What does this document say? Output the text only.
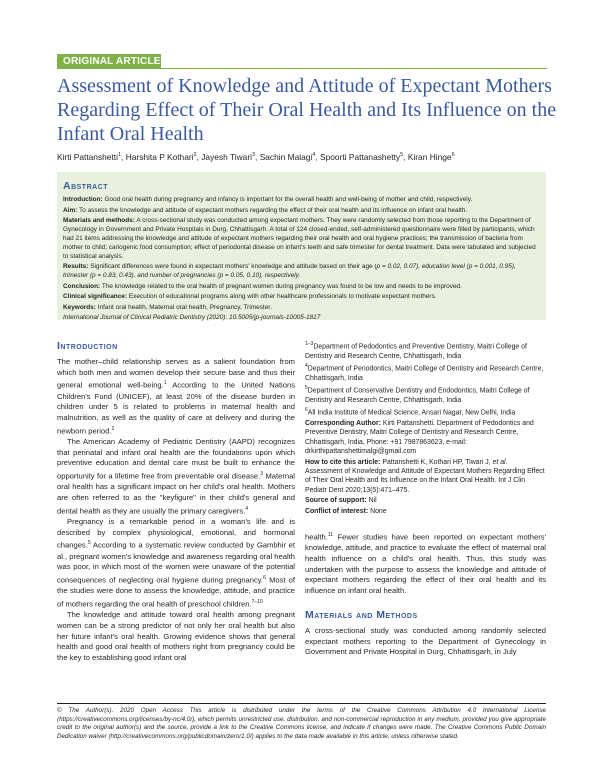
ORIGINAL ARTICLE
Assessment of Knowledge and Attitude of Expectant Mothers Regarding Effect of Their Oral Health and Its Influence on the Infant Oral Health
Kirti Pattanshetti$^1$, Harshita P Kothari$^2$, Jayesh Tiwari$^3$, Sachin Malagi$^4$, Spoorti Pattanashetty$^5$, Kiran Hinge$^6$
Abstract

Introduction: Good oral health during pregnancy and infancy is important for the overall health and well-being of mother and child, respectively.

Aim: To assess the knowledge and attitude of expectant mothers regarding the effect of their oral health and its influence on infant oral health.

Materials and methods: A cross-sectional study was conducted among expectant mothers. They were randomly selected from those reporting to the Department of Gynecology in Government and Private Hospitals in Durg, Chhattisgarh. A total of 124 closed-ended, self-administered questionnaire were filled by participants, which had 21 items addressing the knowledge and attitude of expectant mothers regarding their oral health and oral hygiene practices; the transmission of bacteria from mother to child; cariogenic food consumption; effect of periodontal disease on infant's teeth and safe trimester for dental treatment. Data were tabulated and subjected to statistical analysis.

Results: Significant differences were found in expectant mothers' knowledge and attitude based on their age (p = 0.02, 0.07), education level (p = 0.001, 0.95), trimester (p = 0.83, 0.43), and number of pregnancies (p = 0.05, 0.10), respectively.

Conclusion: The knowledge related to the oral health of pregnant women during pregnancy was found to be low and needs to be improved.

Clinical significance: Execution of educational programs along with other healthcare professionals to motivate expectant mothers.

Keywords: Infant oral health, Maternal oral health, Pregnancy, Trimester.

International Journal of Clinical Pediatric Dentistry (2020): 10.5005/jp-journals-10005-1817

Introduction

The mother–child relationship serves as a salient foundation from which both men and women develop their secure base and thus their general emotional well-being.$^1$ According to the United Nations Children's Fund (UNICEF), at least 20% of the disease burden in children under 5 is related to problems in maternal health and malnutrition, as well as the quality of care at delivery and during the newborn period.$^2$

The American Academy of Pediatric Dentistry (AAPD) recognizes that perinatal and infant oral health are the foundations upon which preventive education and dental care must be built to enhance the opportunity for a lifetime free from preventable oral disease.$^3$ Maternal oral health has a significant impact on her child's oral health. Mothers are often referred to as the "keyfigure" in their child's general and dental health as they are usually the primary caregivers.$^4$

Pregnancy is a remarkable period in a woman's life and is described by complex physiological, emotional, and hormonal changes.$^5$ According to a systematic review conducted by Gambhir et al., pregnant women's knowledge and awareness regarding oral health was poor, in which most of the women were unaware of the potential consequences of neglecting oral hygiene during pregnancy.$^6$ Most of the studies were done to assess the knowledge, attitude, and practice of mothers regarding the oral health of preschool children.$^{7-10}$

The knowledge and attitude toward oral health among pregnant women can be a strong predictor of not only her oral health but also her future infant's oral health. Growing evidence shows that general health and good oral health of mothers right from pregnancy could be the key to establishing good infant oral

$^{1-3}$Department of Pedodontics and Preventive Dentistry, Maitri College of Dentistry and Research Centre, Chhattisgarh, India

$^4$Department of Periodontics, Maitri College of Dentistry and Research Centre, Chhattisgarh, India

$^5$Department of Conservative Dentistry and Endodontics, Maitri College of Dentistry and Research Centre, Chhattisgarh, India

$^6$All India Institute of Medical Science, Ansari Nagar, New Delhi, India

Corresponding Author: Kirti Pattanshetti, Department of Pedodontics and Preventive Dentistry, Maitri College of Dentistry and Research Centre, Chhattisgarh, India, Phone: +91 7987863623, e-mail: drkirthipattanshettimalgi@gmail.com

How to cite this article: Pattanshetti K, Kothari HP, Tiwari J, et al. Assessment of Knowledge and Attitude of Expectant Mothers Regarding Effect of Their Oral Health and Its Influence on the Infant Oral Health. Int J Clin Pediatr Dent 2020;13(5):471–475.

Source of support: Nil

Conflict of interest: None

health.$^{11}$ Fewer studies have been reported on expectant mothers' knowledge, attitude, and practice to evaluate the effect of maternal oral health influence on a child's oral health. Thus, this study was undertaken with the purpose to assess the knowledge and attitude of expectant mothers regarding the effect of their oral health and its influence on infant oral health.

Materials and Methods

A cross-sectional study was conducted among randomly selected expectant mothers reporting to the Department of Gynecology in Government and Private Hospital in Durg, Chhattisgarh, in July

© The Author(s). 2020 Open Access This article is distributed under the terms of the Creative Commons Attribution 4.0 International License (https://creativecommons.org/licenses/by-nc/4.0/), which permits unrestricted use, distribution, and non-commercial reproduction in any medium, provided you give appropriate credit to the original author(s) and the source, provide a link to the Creative Commons license, and indicate if changes were made. The Creative Commons Public Domain Dedication waiver (http://creativecommons.org/publicdomain/zero/1.0/) applies to the data made available in this article, unless otherwise stated.
